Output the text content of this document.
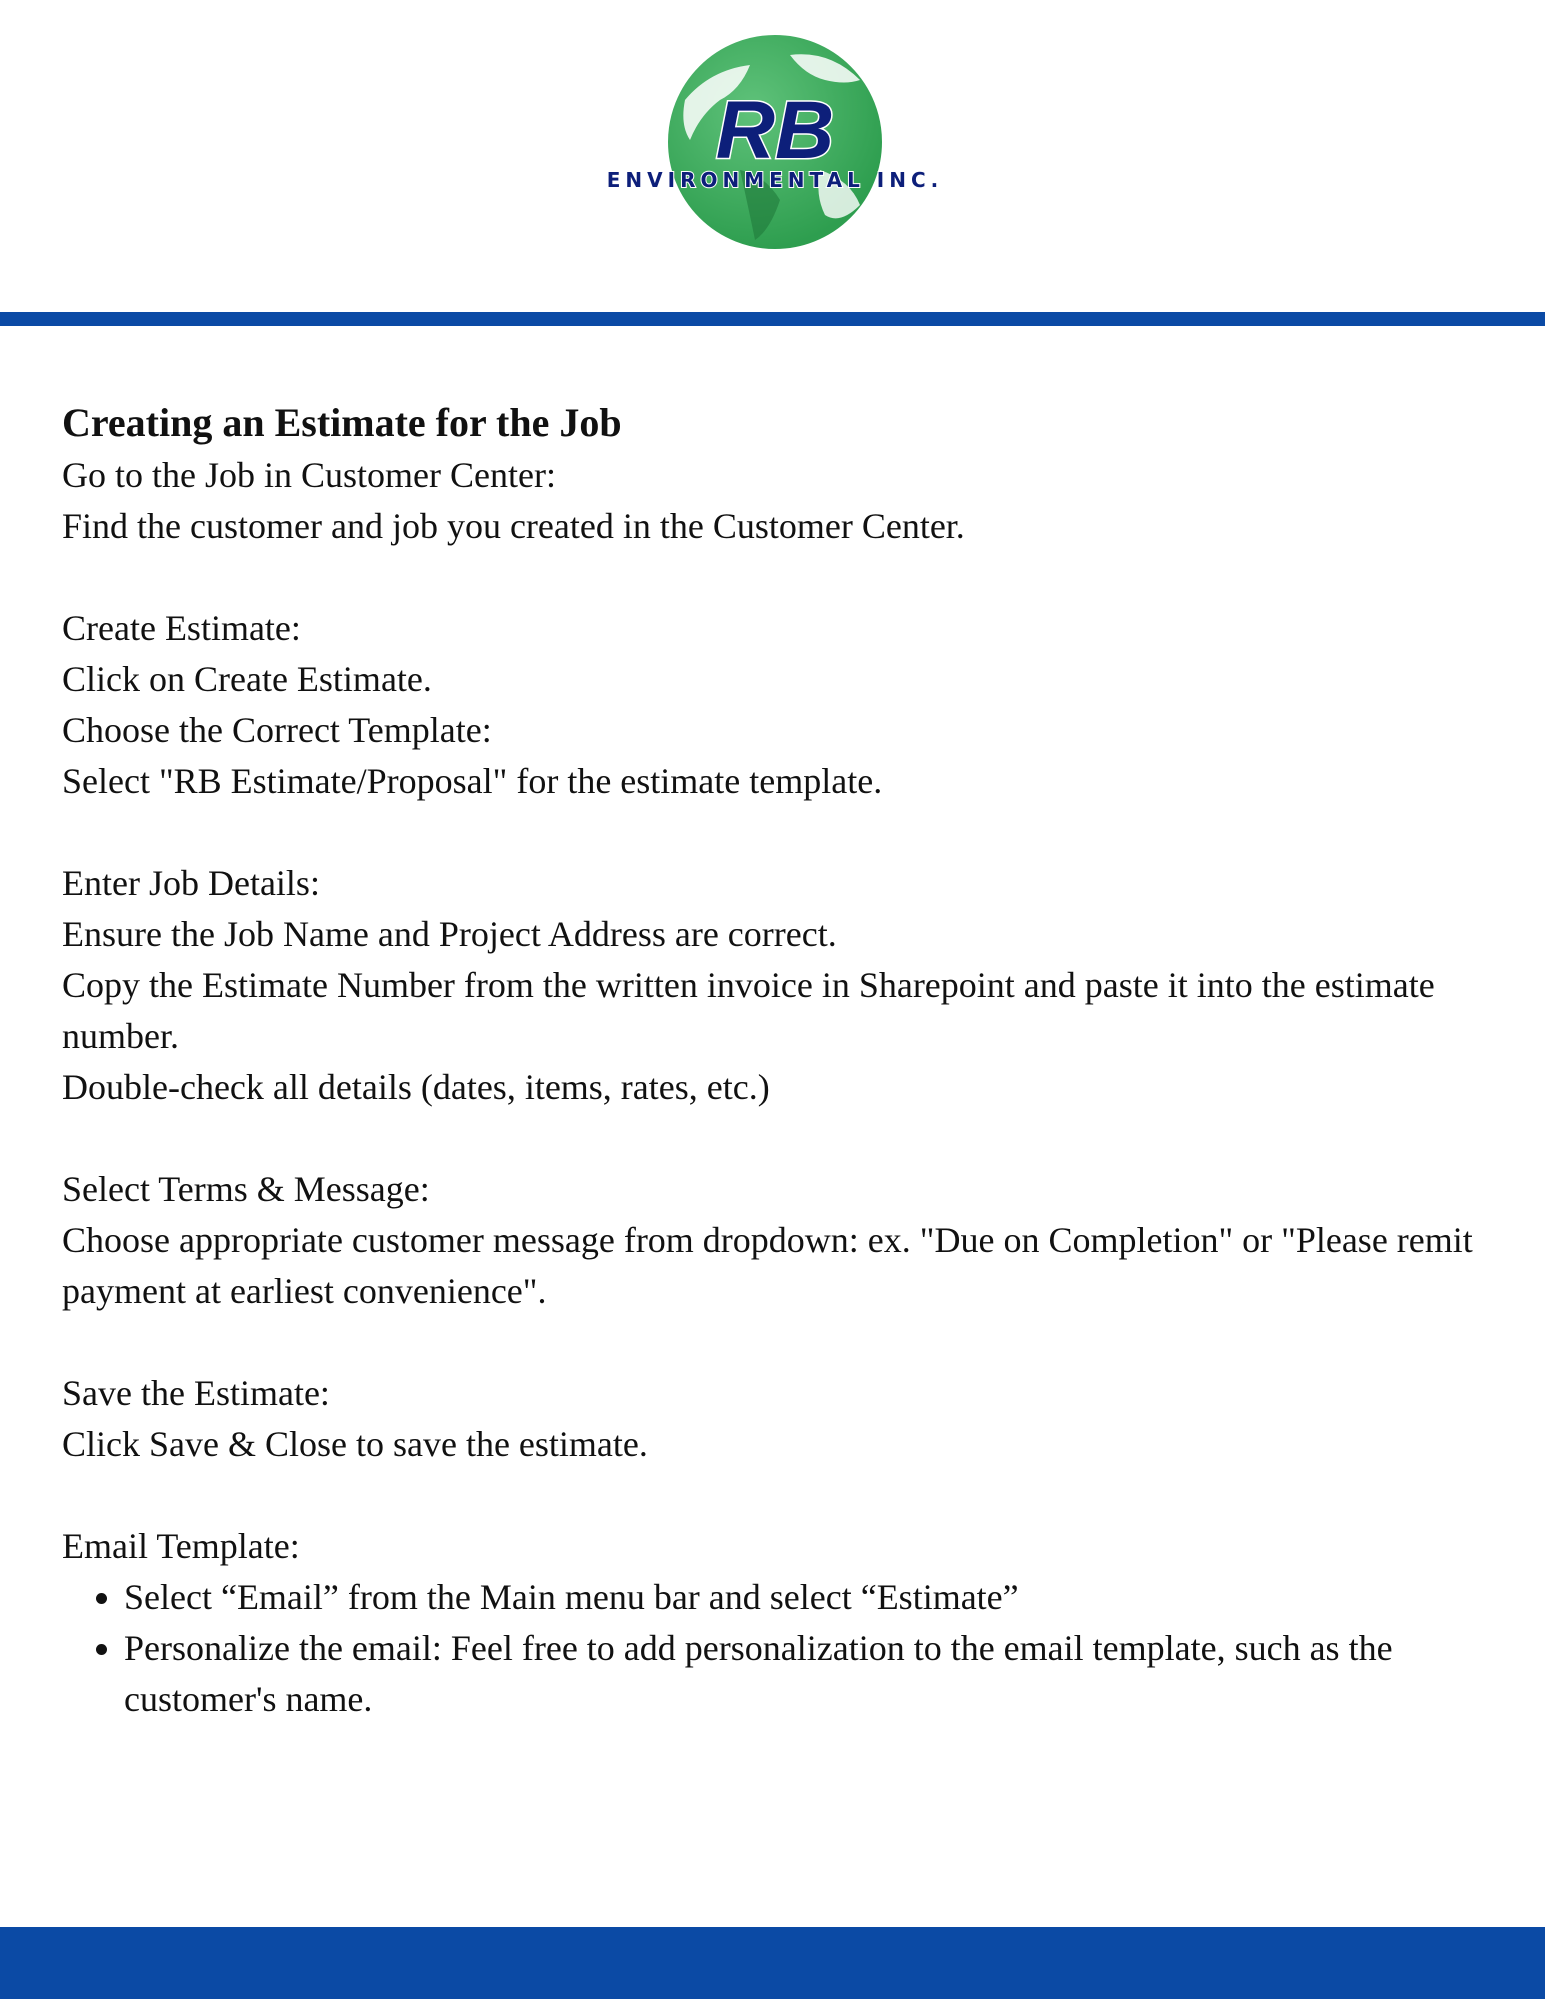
RB
ENVIRONMENTAL INC.
Creating an Estimate for the Job

Go to the Job in Customer Center:

Find the customer and job you created in the Customer Center.

Create Estimate:

Click on Create Estimate.

Choose the Correct Template:

Select "RB Estimate/Proposal" for the estimate template.

Enter Job Details:

Ensure the Job Name and Project Address are correct.

Copy the Estimate Number from the written invoice in Sharepoint and paste it into the estimate number.

Double-check all details (dates, items, rates, etc.)

Select Terms & Message:

Choose appropriate customer message from dropdown: ex. "Due on Completion" or "Please remit payment at earliest convenience".

Save the Estimate:

Click Save & Close to save the estimate.

Email Template:

• Select “Email” from the Main menu bar and select “Estimate”
• Personalize the email: Feel free to add personalization to the email template, such as the customer's name.
